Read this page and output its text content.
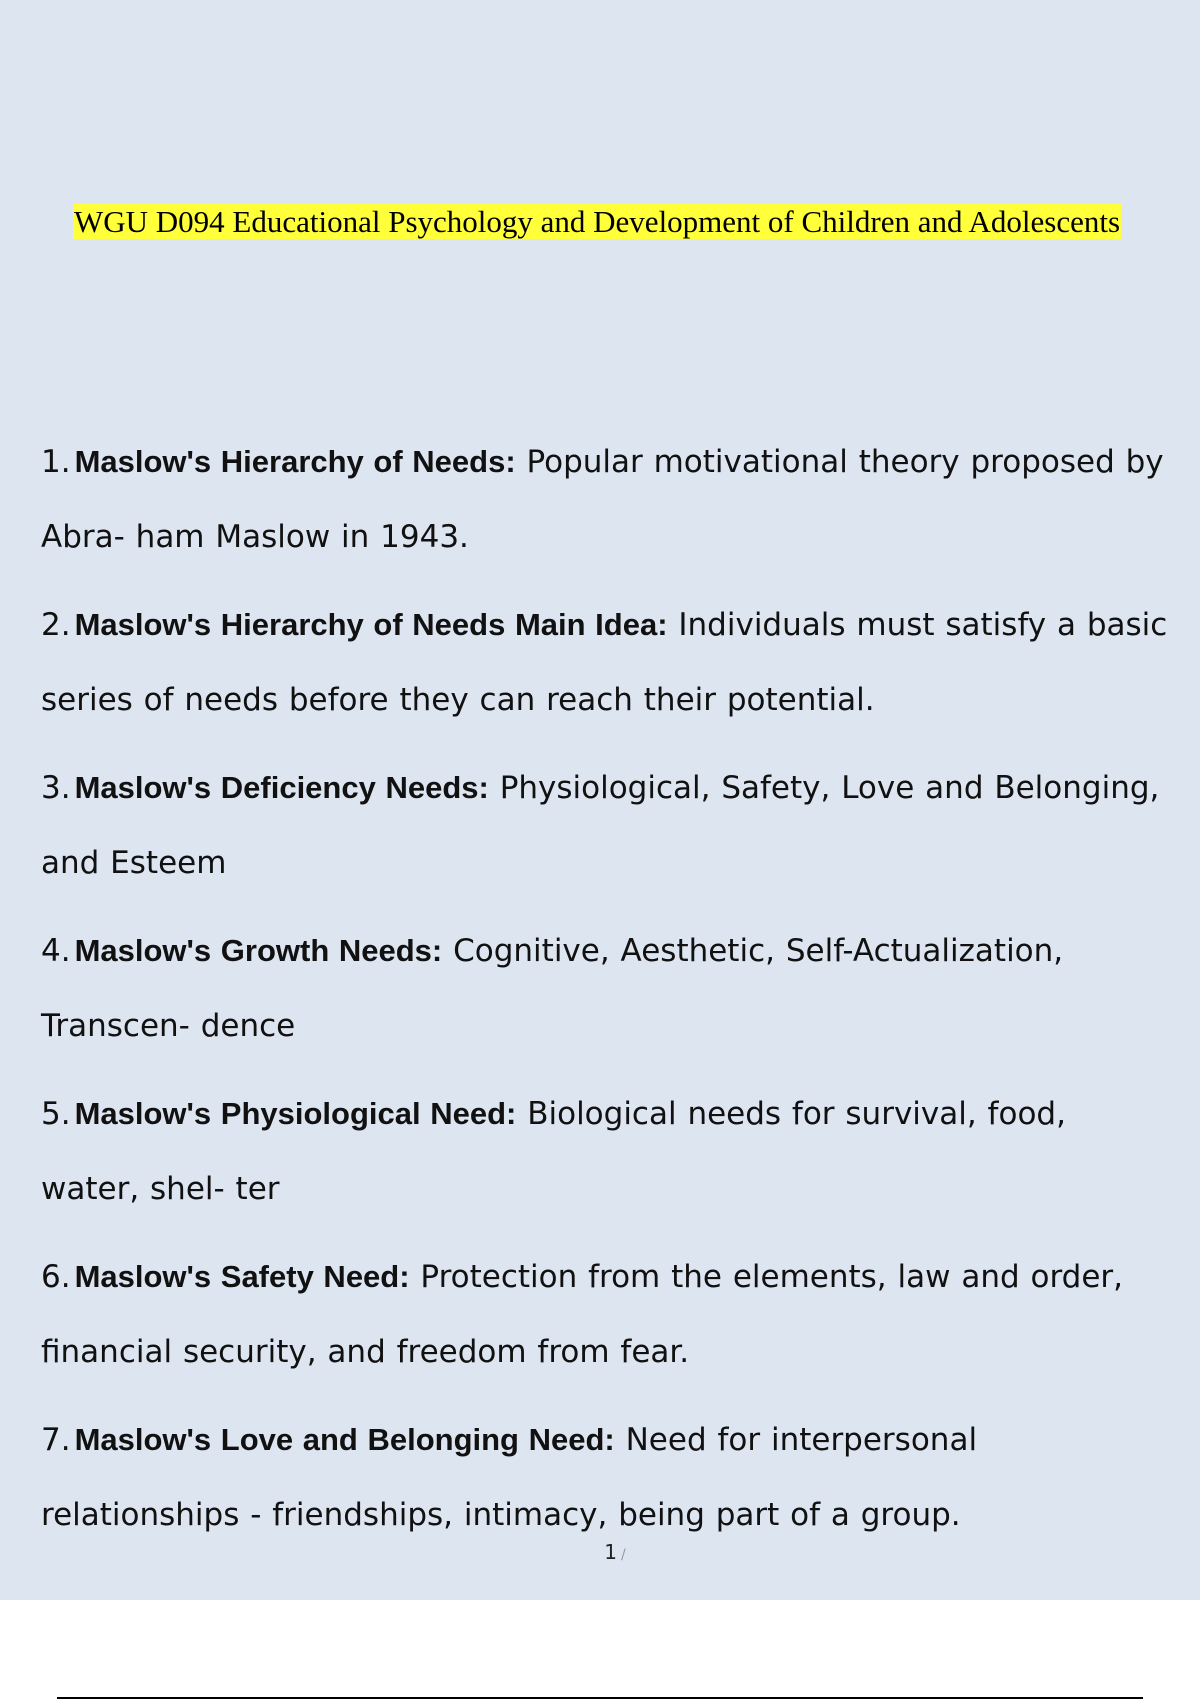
WGU D094 Educational Psychology and Development of Children and Adolescents
1. Maslow's Hierarchy of Needs: Popular motivational theory proposed by Abra- ham Maslow in 1943.
2. Maslow's Hierarchy of Needs Main Idea: Individuals must satisfy a basic series of needs before they can reach their potential.
3. Maslow's Deficiency Needs: Physiological, Safety, Love and Belonging, and Esteem
4. Maslow's Growth Needs: Cognitive, Aesthetic, Self-Actualization, Transcen- dence
5. Maslow's Physiological Need: Biological needs for survival, food, water, shel- ter
6. Maslow's Safety Need: Protection from the elements, law and order, financial security, and freedom from fear.
7. Maslow's Love and Belonging Need: Need for interpersonal relationships - friendships, intimacy, being part of a group.
1 /
